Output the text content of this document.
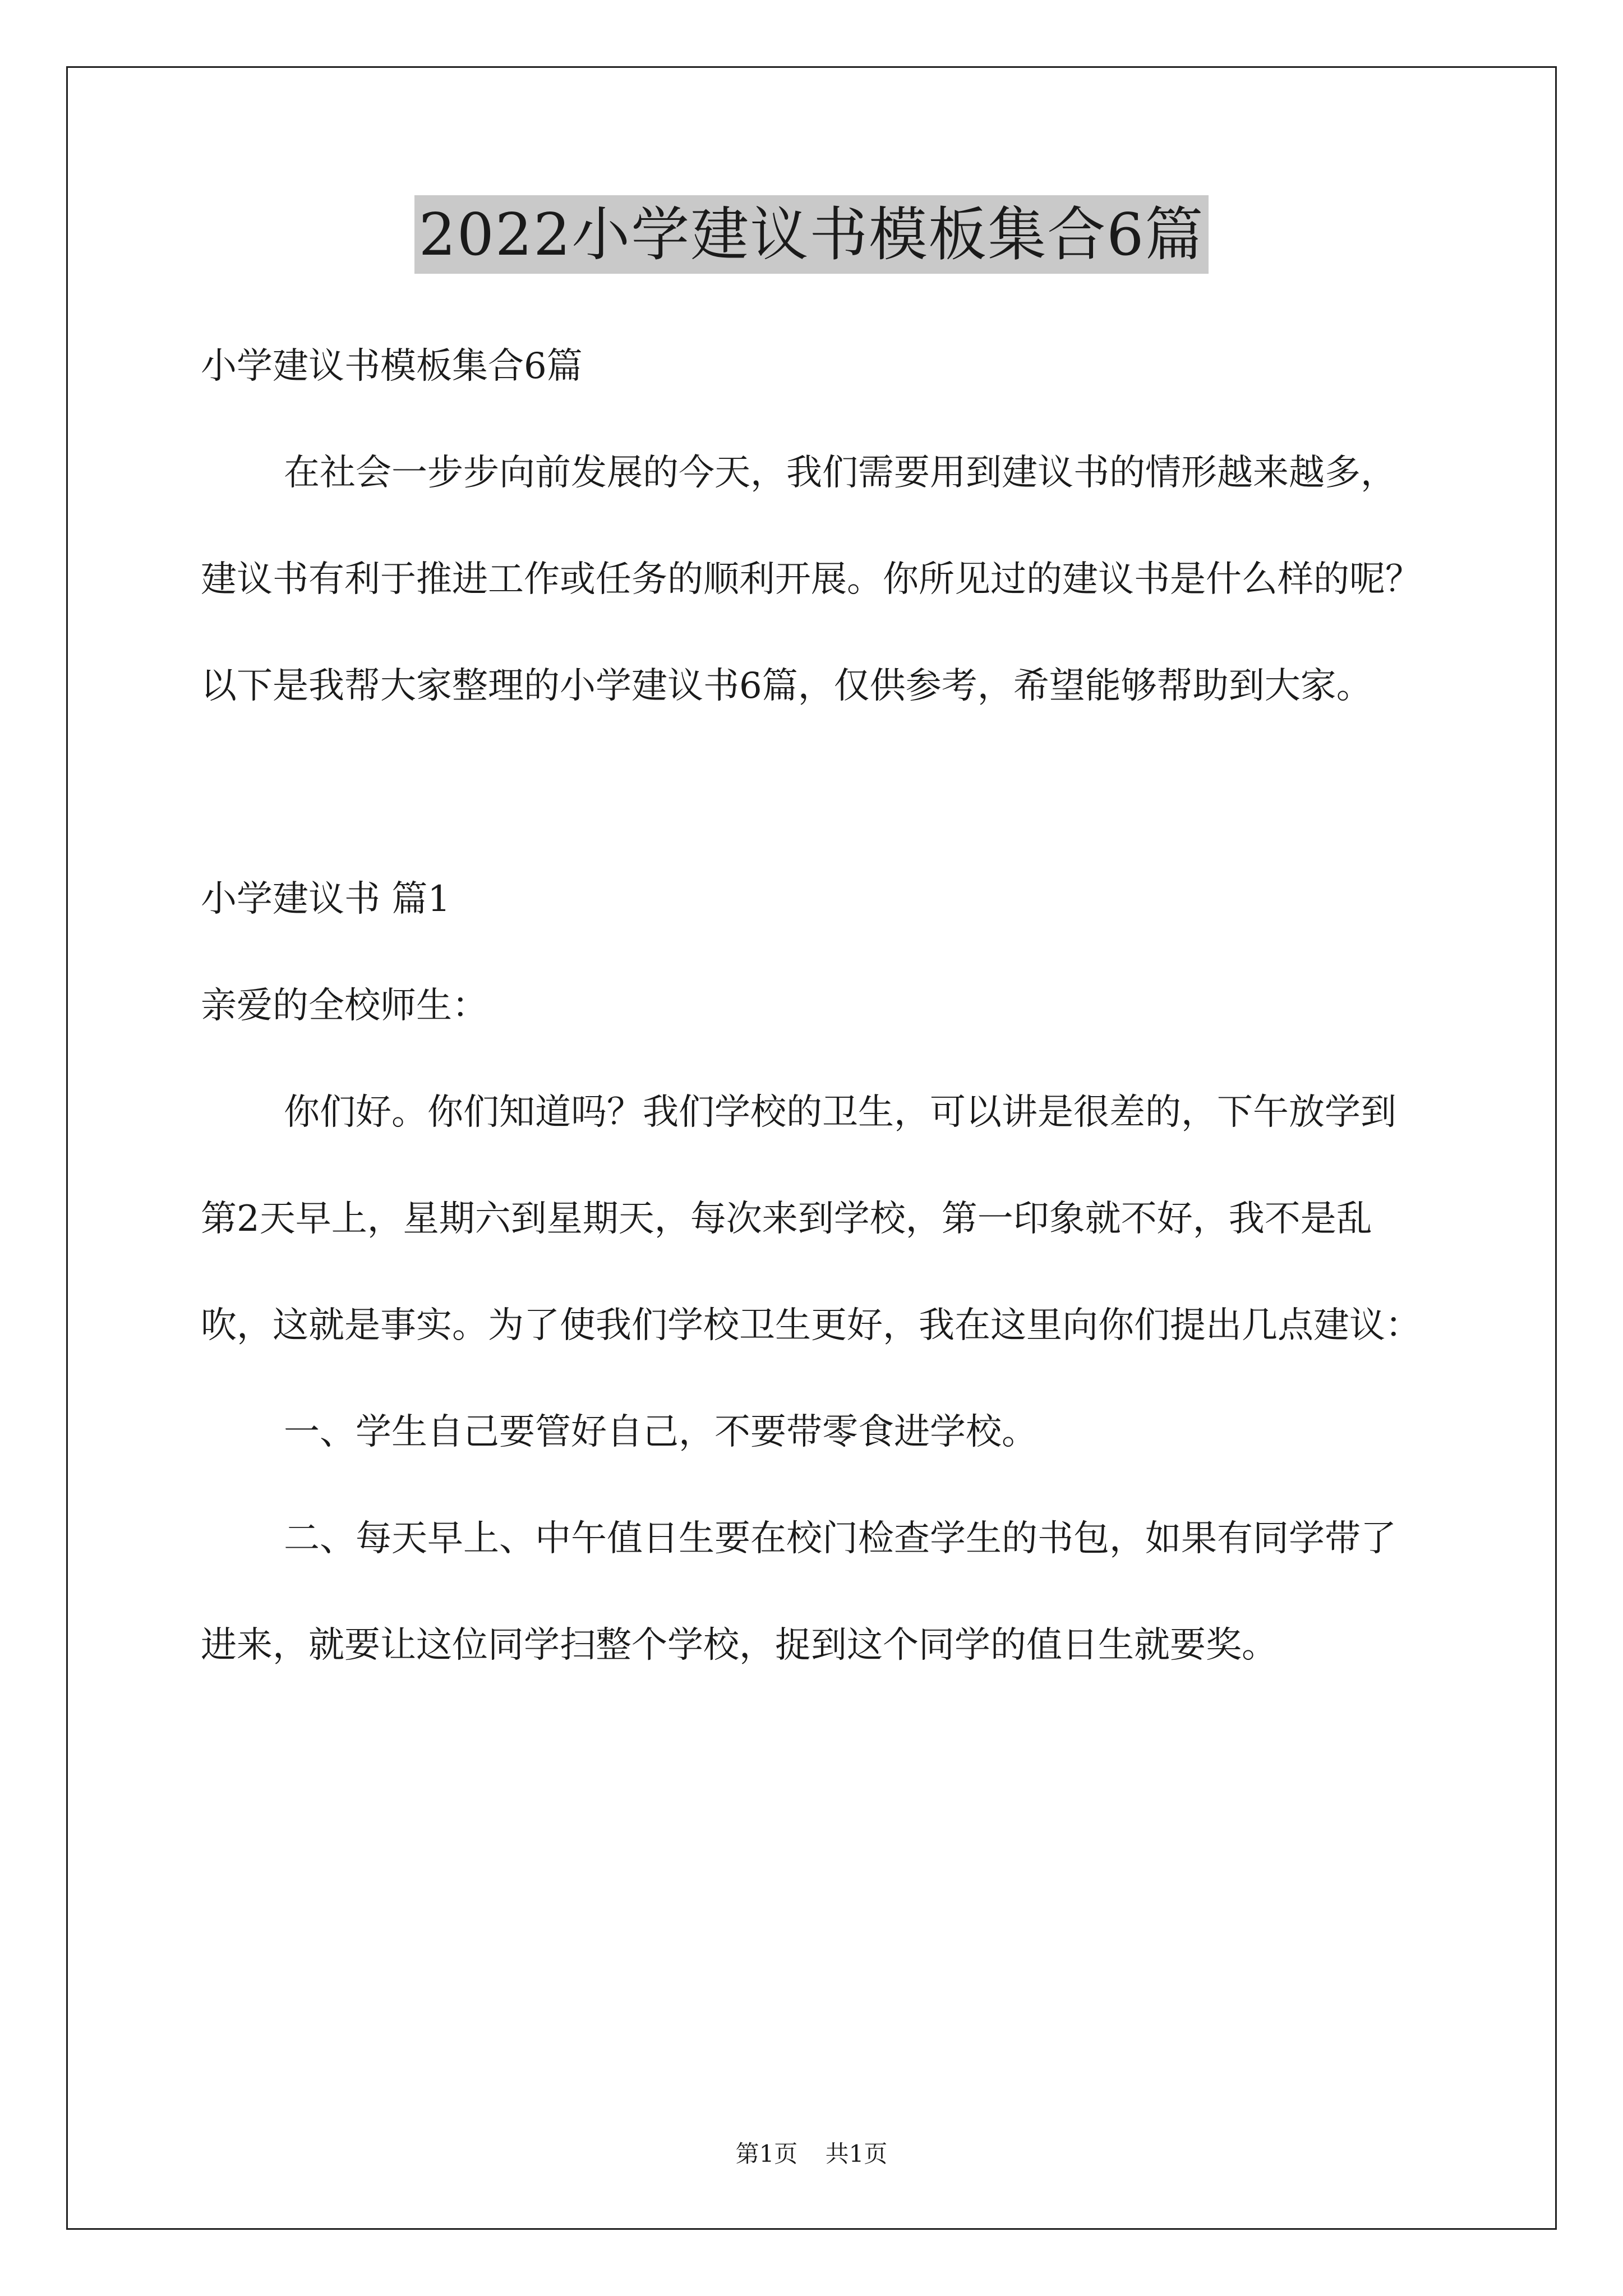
2022小学建议书模板集合6篇

小学建议书模板集合6篇

在社会一步步向前发展的今天，我们需要用到建议书的情形越来越多，建议书有利于推进工作或任务的顺利开展。你所见过的建议书是什么样的呢？以下是我帮大家整理的小学建议书6篇，仅供参考，希望能够帮助到大家。

小学建议书 篇1

亲爱的全校师生：

你们好。你们知道吗？我们学校的卫生，可以讲是很差的，下午放学到第2天早上，星期六到星期天，每次来到学校，第一印象就不好，我不是乱吹，这就是事实。为了使我们学校卫生更好，我在这里向你们提出几点建议：

一、学生自己要管好自己，不要带零食进学校。

二、每天早上、中午值日生要在校门检查学生的书包，如果有同学带了进来，就要让这位同学扫整个学校，捉到这个同学的值日生就要奖。

第1页 共1页
